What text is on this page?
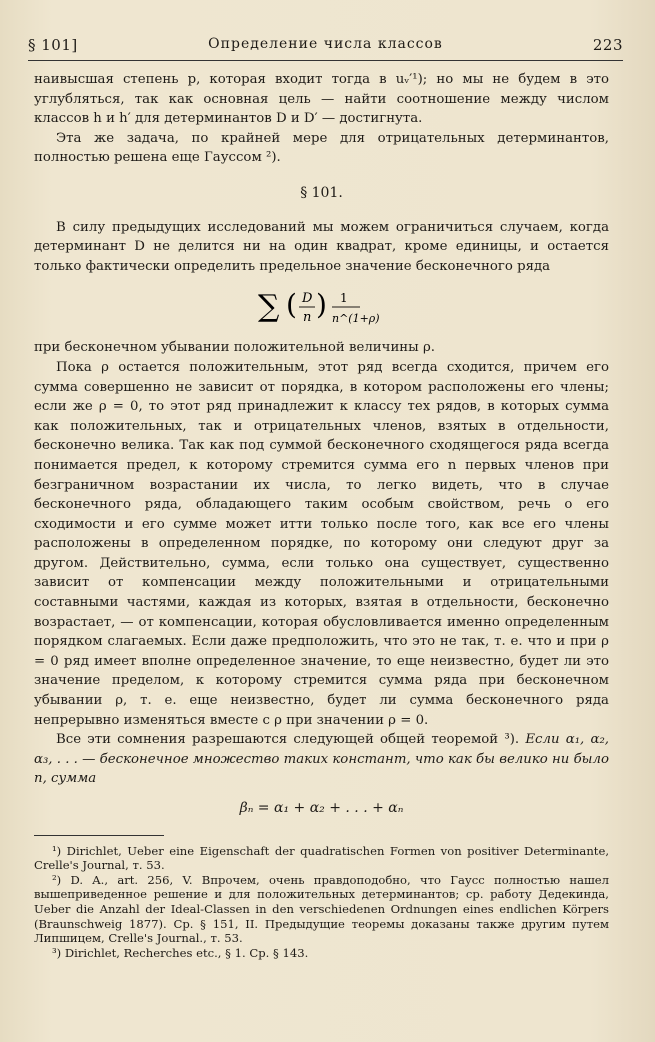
§ 101]	Определение числа классов	223

наивысшая степень p, которая входит тогда в uᵥ′¹); но мы не будем в это углубляться, так как основная цель — найти соотношение между числом классов h и h′ для детерминантов D и D′ — достигнута.

Эта же задача, по крайней мере для отрицательных детерминантов, полностью решена еще Гауссом ²).

§ 101.

В силу предыдущих исследований мы можем ограничиться случаем, когда детерминант D не делится ни на один квадрат, кроме единицы, и остается только фактически определить предельное значение бесконечного ряда

∑ ( D
n ) 1
n^(1+ρ)

при бесконечном убывании положительной величины ρ.

Пока ρ остается положительным, этот ряд всегда сходится, причем его сумма совершенно не зависит от порядка, в котором расположены его члены; если же ρ = 0, то этот ряд принадлежит к классу тех рядов, в которых сумма как положительных, так и отрицательных членов, взятых в отдельности, бесконечно велика. Так как под суммой бесконечного сходящегося ряда всегда понимается предел, к которому стремится сумма его n первых членов при безграничном возрастании их числа, то легко видеть, что в случае бесконечного ряда, обладающего таким особым свойством, речь о его сходимости и его сумме может итти только после того, как все его члены расположены в определенном порядке, по которому они следуют друг за другом. Действительно, сумма, если только она существует, существенно зависит от компенсации между положительными и отрицательными составными частями, каждая из которых, взятая в отдельности, бесконечно возрастает, — от компенсации, которая обусловливается именно определенным порядком слагаемых. Если даже предположить, что это не так, т. е. что и при ρ = 0 ряд имеет вполне определенное значение, то еще неизвестно, будет ли это значение пределом, к которому стремится сумма ряда при бесконечном убывании ρ, т. е. еще неизвестно, будет ли сумма бесконечного ряда непрерывно изменяться вместе с ρ при значении ρ = 0.

Все эти сомнения разрешаются следующей общей теоремой ³). Если α₁, α₂, α₃, . . . — бесконечное множество таких констант, что как бы велико ни было n, сумма

βₙ = α₁ + α₂ + . . . + αₙ

¹) Dirichlet, Ueber eine Eigenschaft der quadratischen Formen von positiver Determinante, Crelle's Journal, т. 53.

²) D. A., art. 256, V. Впрочем, очень правдоподобно, что Гаусс полностью нашел вышеприведенное решение и для положительных детерминантов; ср. работу Дедекинда, Ueber die Anzahl der Ideal-Classen in den verschiedenen Ordnungen eines endlichen Körpers (Braunschweig 1877). Ср. § 151, II. Предыдущие теоремы доказаны также другим путем Липшицем, Crelle's Journal., т. 53.

³) Dirichlet, Recherches etc., § 1. Ср. § 143.
